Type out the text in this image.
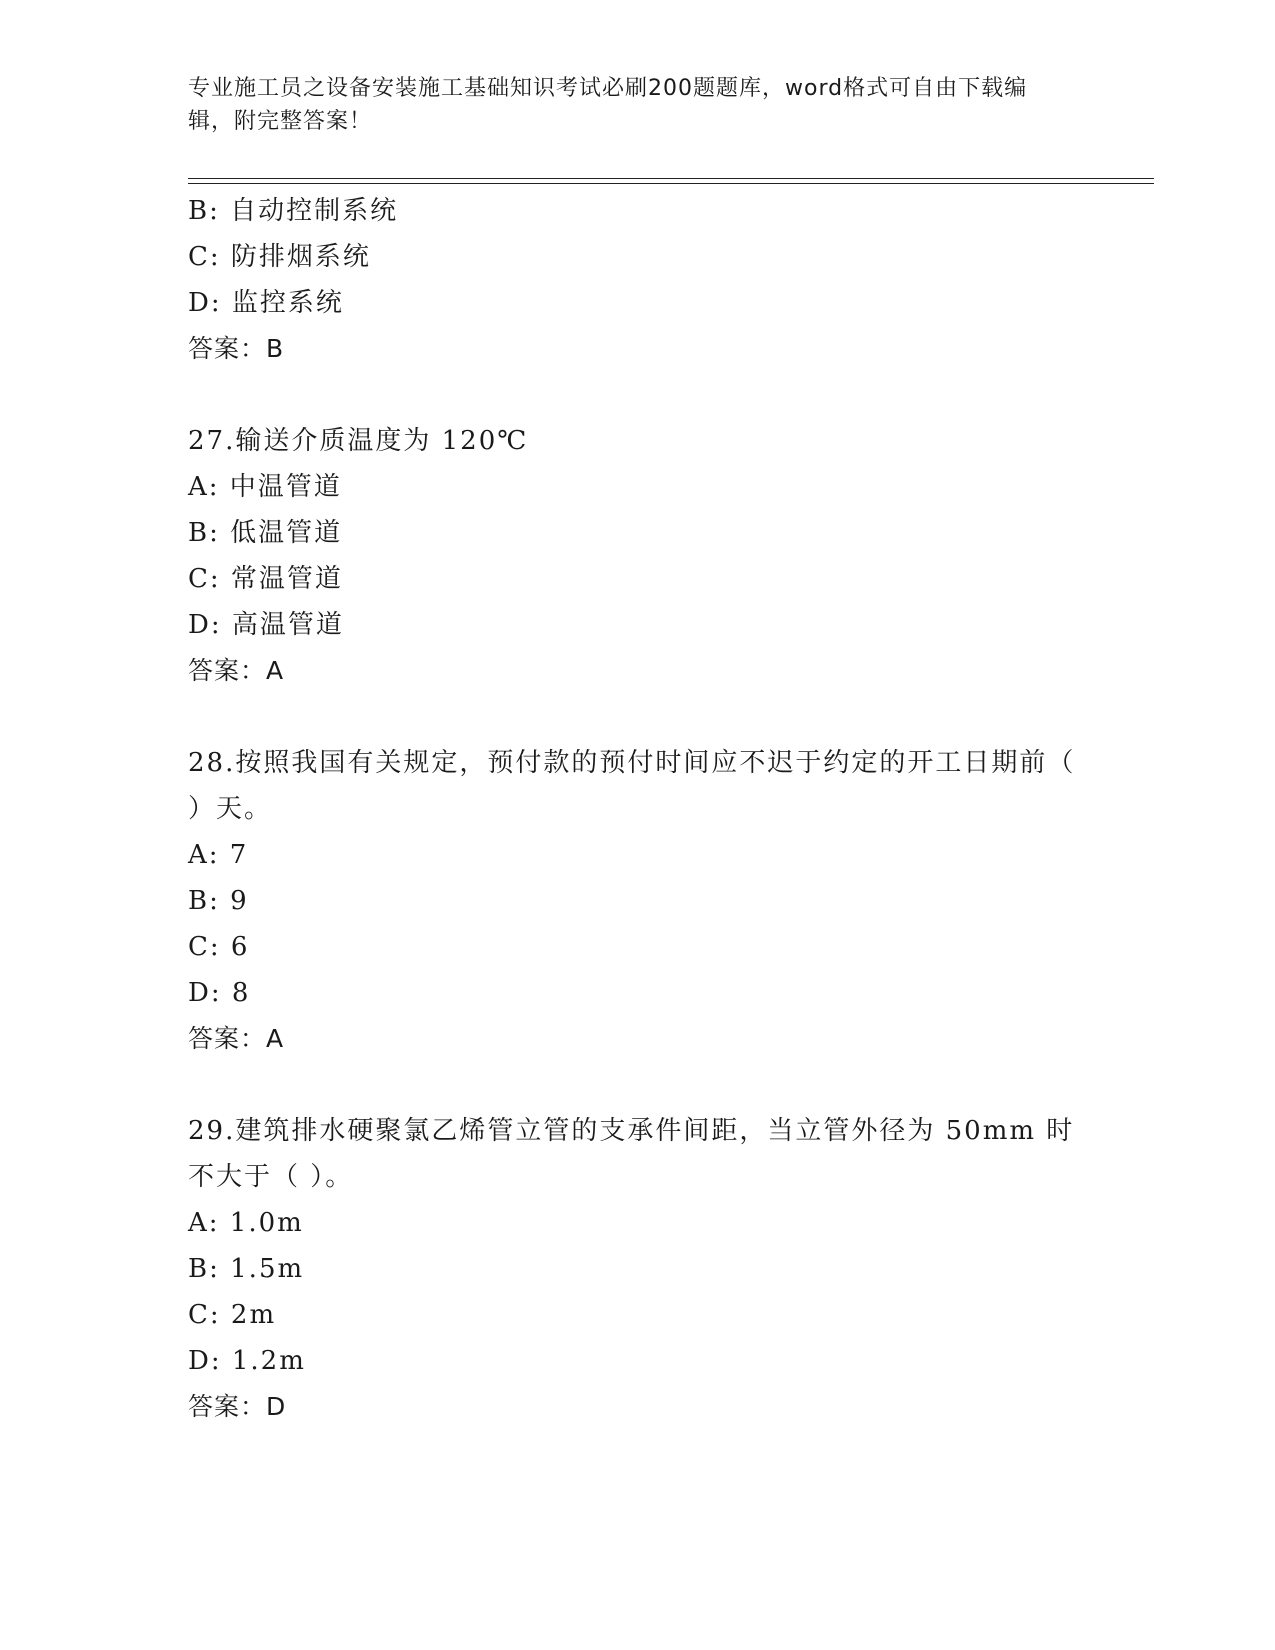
专业施工员之设备安装施工基础知识考试必刷200题题库，word格式可自由下载编辑，附完整答案！
B: 自动控制系统
C: 防排烟系统
D: 监控系统
答案：B
27.输送介质温度为 120℃
A: 中温管道
B: 低温管道
C: 常温管道
D: 高温管道
答案：A
28.按照我国有关规定，预付款的预付时间应不迟于约定的开工日期前（ ）天。
A: 7
B: 9
C: 6
D: 8
答案：A
29.建筑排水硬聚氯乙烯管立管的支承件间距，当立管外径为 50mm 时不大于（ ）。
A: 1.0m
B: 1.5m
C: 2m
D: 1.2m
答案：D
